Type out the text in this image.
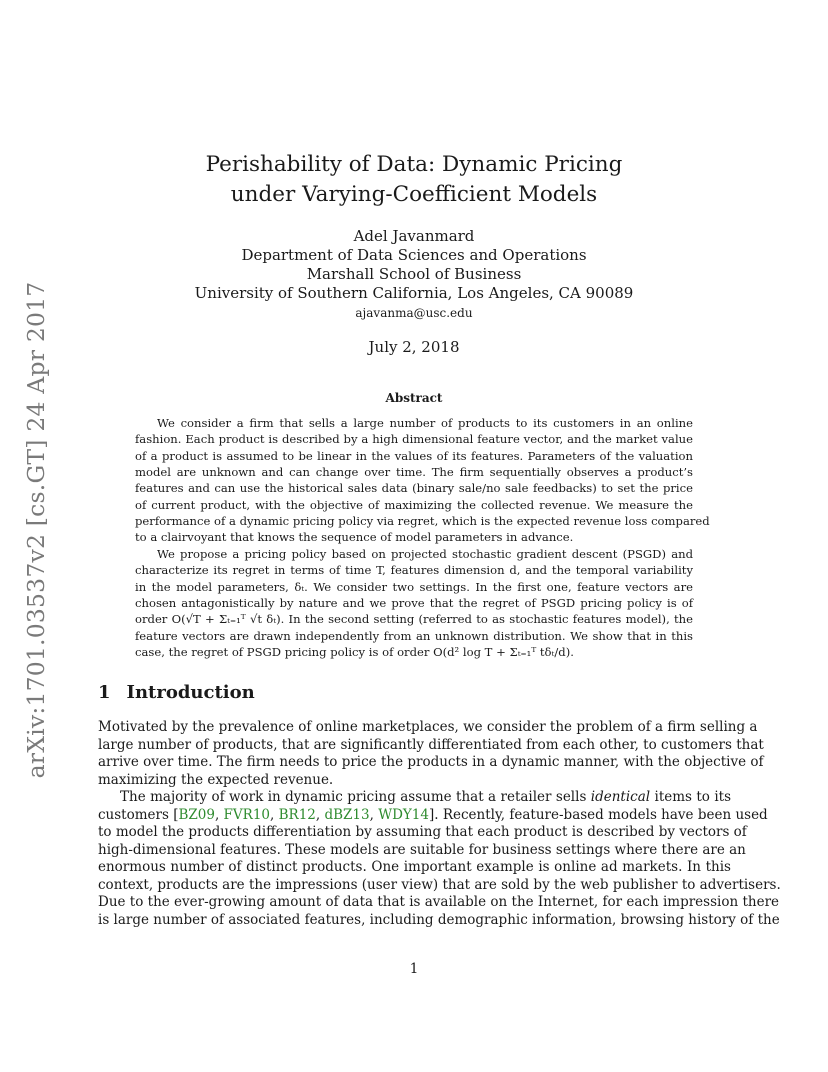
arXiv:1701.03537v2 [cs.GT] 24 Apr 2017
Perishability of Data: Dynamic Pricing
under Varying-Coefficient Models
Adel Javanmard
Department of Data Sciences and Operations
Marshall School of Business
University of Southern California, Los Angeles, CA 90089
ajavanma@usc.edu
July 2, 2018
Abstract
We consider a firm that sells a large number of products to its customers in an online
fashion. Each product is described by a high dimensional feature vector, and the market value
of a product is assumed to be linear in the values of its features. Parameters of the valuation
model are unknown and can change over time. The firm sequentially observes a product’s
features and can use the historical sales data (binary sale/no sale feedbacks) to set the price
of current product, with the objective of maximizing the collected revenue. We measure the
performance of a dynamic pricing policy via regret, which is the expected revenue loss compared
to a clairvoyant that knows the sequence of model parameters in advance.
We propose a pricing policy based on projected stochastic gradient descent (PSGD) and
characterize its regret in terms of time T, features dimension d, and the temporal variability
in the model parameters, δₜ. We consider two settings. In the first one, feature vectors are
chosen antagonistically by nature and we prove that the regret of PSGD pricing policy is of
order O(√T + Σₜ₌₁ᵀ √t δₜ). In the second setting (referred to as stochastic features model), the
feature vectors are drawn independently from an unknown distribution. We show that in this
case, the regret of PSGD pricing policy is of order O(d² log T + Σₜ₌₁ᵀ tδₜ/d).
1 Introduction
Motivated by the prevalence of online marketplaces, we consider the problem of a firm selling a
large number of products, that are significantly differentiated from each other, to customers that
arrive over time. The firm needs to price the products in a dynamic manner, with the objective of
maximizing the expected revenue.
The majority of work in dynamic pricing assume that a retailer sells identical items to its
customers [BZ09, FVR10, BR12, dBZ13, WDY14]. Recently, feature-based models have been used
to model the products differentiation by assuming that each product is described by vectors of
high-dimensional features. These models are suitable for business settings where there are an
enormous number of distinct products. One important example is online ad markets. In this
context, products are the impressions (user view) that are sold by the web publisher to advertisers.
Due to the ever-growing amount of data that is available on the Internet, for each impression there
is large number of associated features, including demographic information, browsing history of the
1
